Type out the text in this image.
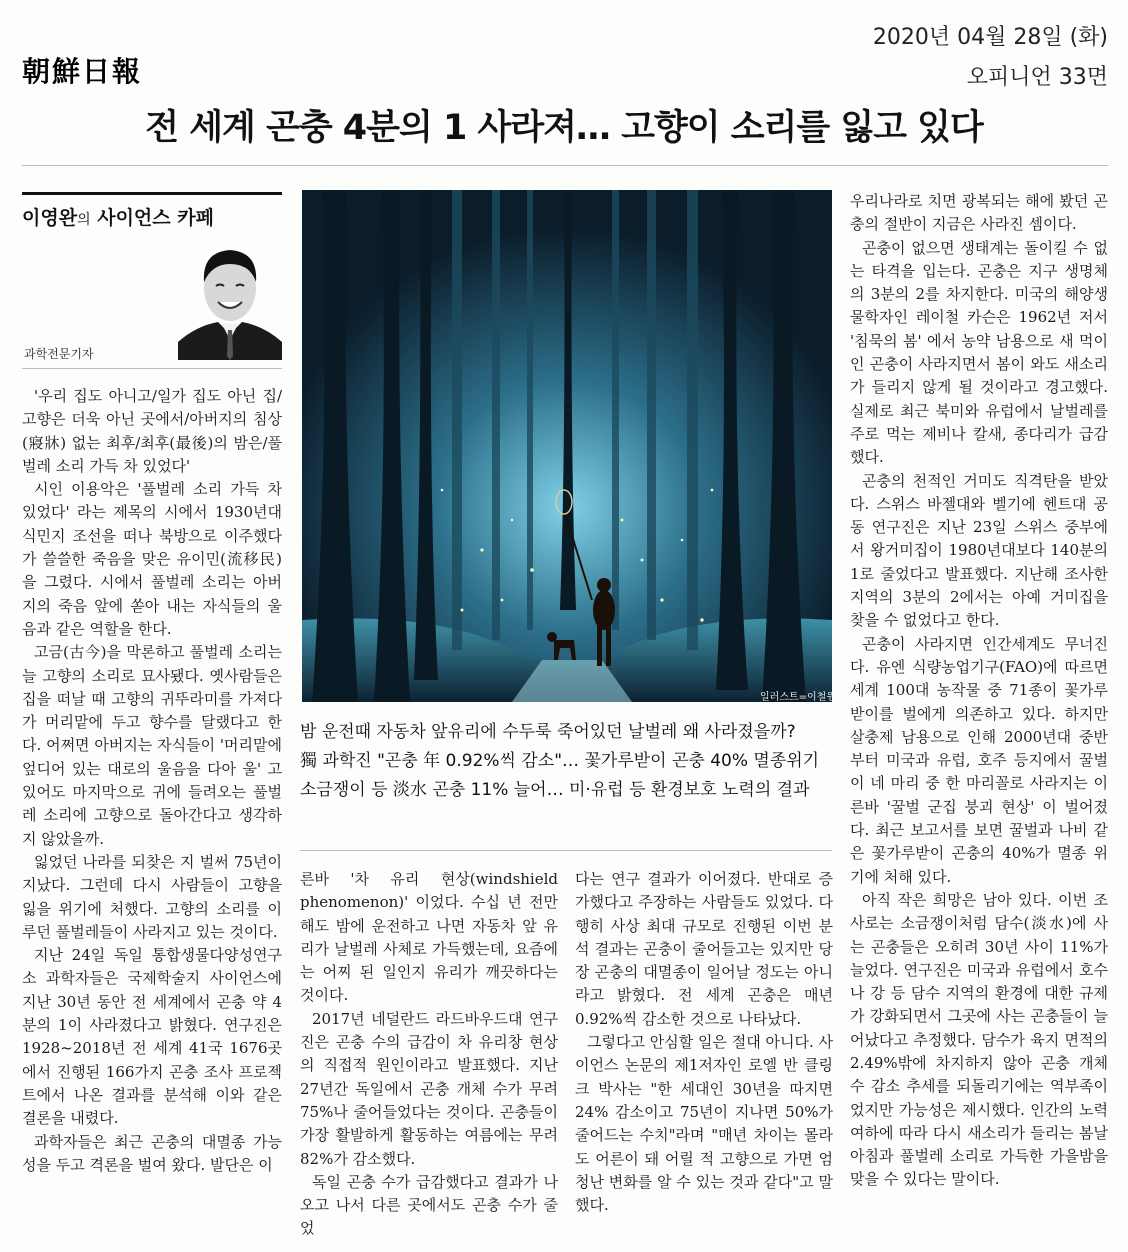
朝鮮日報
2020년 04월 28일 (화)
오피니언 33면
전 세계 곤충 4분의 1 사라져… 고향이 소리를 잃고 있다
이영완의 사이언스 카페
과학전문기자
일러스트=이철원
밤 운전때 자동차 앞유리에 수두룩 죽어있던 날벌레 왜 사라졌을까?
獨 과학진 "곤충 年 0.92%씩 감소"… 꽃가루받이 곤충 40% 멸종위기
소금쟁이 등 淡水 곤충 11% 늘어… 미·유럽 등 환경보호 노력의 결과

'우리 집도 아니고/일가 집도 아닌 집/고향은 더욱 아닌 곳에서/아버지의 침상(寢牀) 없는 최후/최후(最後)의 밤은/풀벌레 소리 가득 차 있었다'

시인 이용악은 '풀벌레 소리 가득 차 있었다' 라는 제목의 시에서 1930년대 식민지 조선을 떠나 북방으로 이주했다가 쓸쓸한 죽음을 맞은 유이민(流移民)을 그렸다. 시에서 풀벌레 소리는 아버지의 죽음 앞에 쏟아 내는 자식들의 울음과 같은 역할을 한다.

고금(古今)을 막론하고 풀벌레 소리는 늘 고향의 소리로 묘사됐다. 옛사람들은 집을 떠날 때 고향의 귀뚜라미를 가져다가 머리맡에 두고 향수를 달랬다고 한다. 어쩌면 아버지는 자식들이 '머리맡에 엎디어 있는 대로의 울음을 다아 울' 고 있어도 마지막으로 귀에 들려오는 풀벌레 소리에 고향으로 돌아간다고 생각하지 않았을까.

잃었던 나라를 되찾은 지 벌써 75년이 지났다. 그런데 다시 사람들이 고향을 잃을 위기에 처했다. 고향의 소리를 이루던 풀벌레들이 사라지고 있는 것이다.

지난 24일 독일 통합생물다양성연구소 과학자들은 국제학술지 사이언스에 지난 30년 동안 전 세계에서 곤충 약 4분의 1이 사라졌다고 밝혔다. 연구진은 1928~2018년 전 세계 41국 1676곳에서 진행된 166가지 곤충 조사 프로젝트에서 나온 결과를 분석해 이와 같은 결론을 내렸다.

과학자들은 최근 곤충의 대멸종 가능성을 두고 격론을 벌여 왔다. 발단은 이

른바 '차 유리 현상(windshield phenomenon)' 이었다. 수십 년 전만 해도 밤에 운전하고 나면 자동차 앞 유리가 날벌레 사체로 가득했는데, 요즘에는 어찌 된 일인지 유리가 깨끗하다는 것이다.

2017년 네덜란드 라드바우드대 연구진은 곤충 수의 급감이 차 유리창 현상의 직접적 원인이라고 발표했다. 지난 27년간 독일에서 곤충 개체 수가 무려 75%나 줄어들었다는 것이다. 곤충들이 가장 활발하게 활동하는 여름에는 무려 82%가 감소했다.

독일 곤충 수가 급감했다고 결과가 나오고 나서 다른 곳에서도 곤충 수가 줄었

다는 연구 결과가 이어졌다. 반대로 증가했다고 주장하는 사람들도 있었다. 다행히 사상 최대 규모로 진행된 이번 분석 결과는 곤충이 줄어들고는 있지만 당장 곤충의 대멸종이 일어날 정도는 아니라고 밝혔다. 전 세계 곤충은 매년 0.92%씩 감소한 것으로 나타났다.

그렇다고 안심할 일은 절대 아니다. 사이언스 논문의 제1저자인 로엘 반 클링크 박사는 "한 세대인 30년을 따지면 24% 감소이고 75년이 지나면 50%가 줄어드는 수치"라며 "매년 차이는 몰라도 어른이 돼 어릴 적 고향으로 가면 엄청난 변화를 알 수 있는 것과 같다"고 말했다.

우리나라로 치면 광복되는 해에 봤던 곤충의 절반이 지금은 사라진 셈이다.

곤충이 없으면 생태계는 돌이킬 수 없는 타격을 입는다. 곤충은 지구 생명체의 3분의 2를 차지한다. 미국의 해양생물학자인 레이철 카슨은 1962년 저서 '침묵의 봄' 에서 농약 남용으로 새 먹이인 곤충이 사라지면서 봄이 와도 새소리가 들리지 않게 될 것이라고 경고했다. 실제로 최근 북미와 유럽에서 날벌레를 주로 먹는 제비나 칼새, 종다리가 급감했다.

곤충의 천적인 거미도 직격탄을 받았다. 스위스 바젤대와 벨기에 헨트대 공동 연구진은 지난 23일 스위스 중부에서 왕거미집이 1980년대보다 140분의 1로 줄었다고 발표했다. 지난해 조사한 지역의 3분의 2에서는 아예 거미집을 찾을 수 없었다고 한다.

곤충이 사라지면 인간세계도 무너진다. 유엔 식량농업기구(FAO)에 따르면 세계 100대 농작물 중 71종이 꽃가루받이를 벌에게 의존하고 있다. 하지만 살충제 남용으로 인해 2000년대 중반부터 미국과 유럽, 호주 등지에서 꿀벌이 네 마리 중 한 마리꼴로 사라지는 이른바 '꿀벌 군집 붕괴 현상' 이 벌어졌다. 최근 보고서를 보면 꿀벌과 나비 같은 꽃가루받이 곤충의 40%가 멸종 위기에 처해 있다.

아직 작은 희망은 남아 있다. 이번 조사로는 소금쟁이처럼 담수(淡水)에 사는 곤충들은 오히려 30년 사이 11%가 늘었다. 연구진은 미국과 유럽에서 호수나 강 등 담수 지역의 환경에 대한 규제가 강화되면서 그곳에 사는 곤충들이 늘어났다고 추정했다. 담수가 육지 면적의 2.49%밖에 차지하지 않아 곤충 개체 수 감소 추세를 되돌리기에는 역부족이었지만 가능성은 제시했다. 인간의 노력 여하에 따라 다시 새소리가 들리는 봄날 아침과 풀벌레 소리로 가득한 가을밤을 맞을 수 있다는 말이다.
